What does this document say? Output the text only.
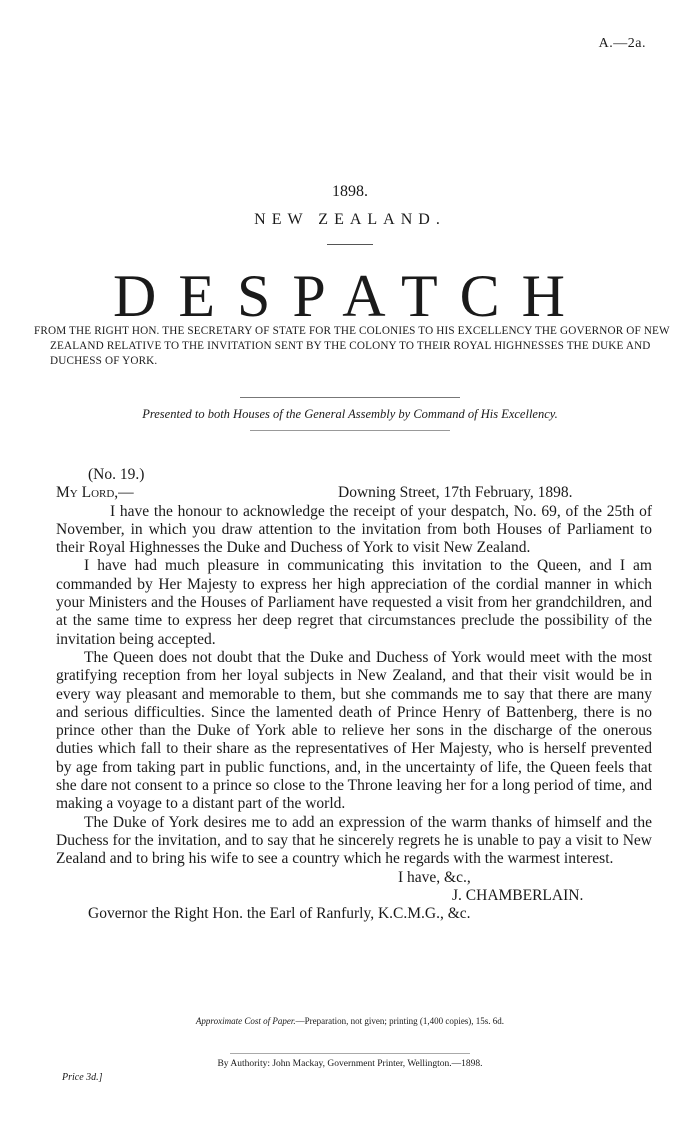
A.—2a.
1898.
NEW ZEALAND.
DESPATCH
FROM THE RIGHT HON. THE SECRETARY OF STATE FOR THE COLONIES TO HIS EXCELLENCY THE GOVERNOR OF NEW ZEALAND RELATIVE TO THE INVITATION SENT BY THE COLONY TO THEIR ROYAL HIGHNESSES THE DUKE AND DUCHESS OF YORK.
Presented to both Houses of the General Assembly by Command of His Excellency.
(No. 19.)
My Lord,—	Downing Street, 17th February, 1898.
I have the honour to acknowledge the receipt of your despatch, No. 69, of the 25th of November, in which you draw attention to the invitation from both Houses of Parliament to their Royal Highnesses the Duke and Duchess of York to visit New Zealand.
I have had much pleasure in communicating this invitation to the Queen, and I am commanded by Her Majesty to express her high appreciation of the cordial manner in which your Ministers and the Houses of Parliament have requested a visit from her grandchildren, and at the same time to express her deep regret that circumstances preclude the possibility of the invitation being accepted.
The Queen does not doubt that the Duke and Duchess of York would meet with the most gratifying reception from her loyal subjects in New Zealand, and that their visit would be in every way pleasant and memorable to them, but she commands me to say that there are many and serious difficulties. Since the lamented death of Prince Henry of Battenberg, there is no prince other than the Duke of York able to relieve her sons in the discharge of the onerous duties which fall to their share as the representatives of Her Majesty, who is herself prevented by age from taking part in public functions, and, in the uncertainty of life, the Queen feels that she dare not consent to a prince so close to the Throne leaving her for a long period of time, and making a voyage to a distant part of the world.
The Duke of York desires me to add an expression of the warm thanks of himself and the Duchess for the invitation, and to say that he sincerely regrets he is unable to pay a visit to New Zealand and to bring his wife to see a country which he regards with the warmest interest.
I have, &c.,
J. CHAMBERLAIN.
Governor the Right Hon. the Earl of Ranfurly, K.C.M.G., &c.
Approximate Cost of Paper.—Preparation, not given; printing (1,400 copies), 15s. 6d.
By Authority: John Mackay, Government Printer, Wellington.—1898.
Price 3d.]
